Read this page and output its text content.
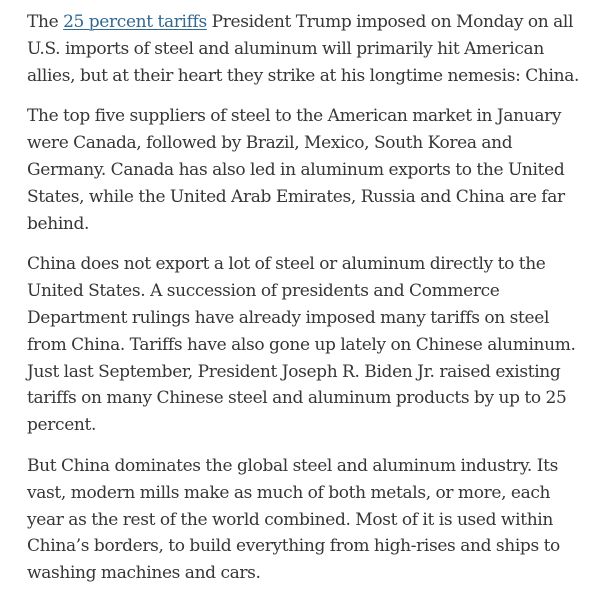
The 25 percent tariffs President Trump imposed on Monday on all U.S. imports of steel and aluminum will primarily hit American allies, but at their heart they strike at his longtime nemesis: China.

The top five suppliers of steel to the American market in January were Canada, followed by Brazil, Mexico, South Korea and Germany. Canada has also led in aluminum exports to the United States, while the United Arab Emirates, Russia and China are far behind.

China does not export a lot of steel or aluminum directly to the United States. A succession of presidents and Commerce Department rulings have already imposed many tariffs on steel from China. Tariffs have also gone up lately on Chinese aluminum. Just last September, President Joseph R. Biden Jr. raised existing tariffs on many Chinese steel and aluminum products by up to 25 percent.

But China dominates the global steel and aluminum industry. Its vast, modern mills make as much of both metals, or more, each year as the rest of the world combined. Most of it is used within China’s borders, to build everything from high-rises and ships to washing machines and cars.
